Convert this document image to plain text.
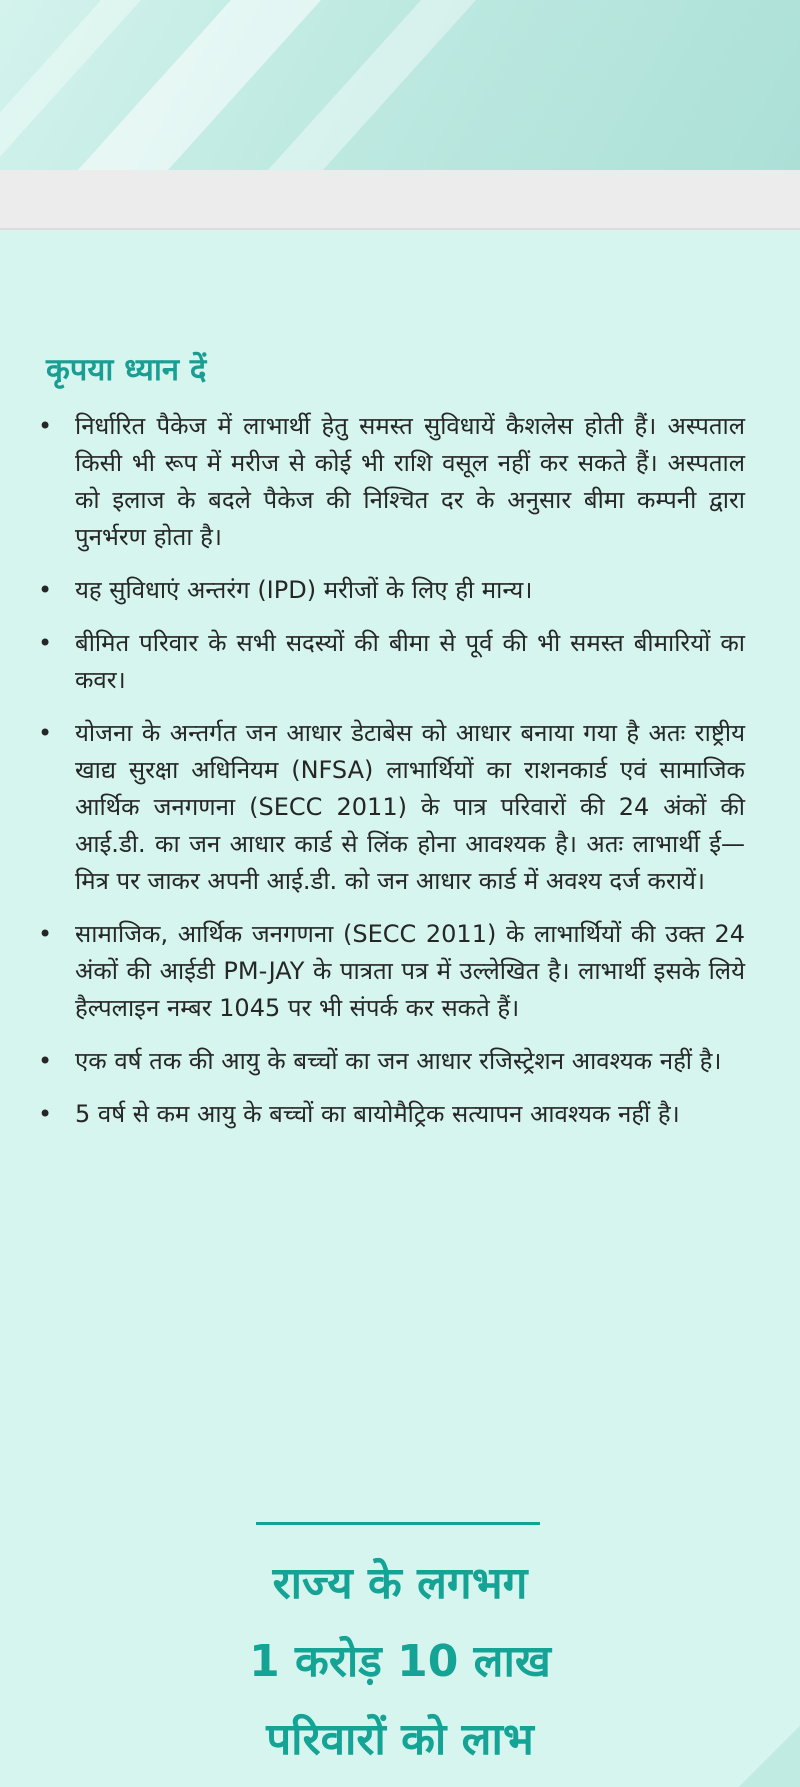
कृपया ध्यान दें
• निर्धारित पैकेज में लाभार्थी हेतु समस्त सुविधायें कैशलेस होती हैं। अस्पताल किसी भी रूप में मरीज से कोई भी राशि वसूल नहीं कर सकते हैं। अस्पताल को इलाज के बदले पैकेज की निश्चित दर के अनुसार बीमा कम्पनी द्वारा पुनर्भरण होता है।
• यह सुविधाएं अन्तरंग (IPD) मरीजों के लिए ही मान्य।
• बीमित परिवार के सभी सदस्यों की बीमा से पूर्व की भी समस्त बीमारियों का कवर।
• योजना के अन्तर्गत जन आधार डेटाबेस को आधार बनाया गया है अतः राष्ट्रीय खाद्य सुरक्षा अधिनियम (NFSA) लाभार्थियों का राशनकार्ड एवं सामाजिक आर्थिक जनगणना (SECC 2011) के पात्र परिवारों की 24 अंकों की आई.डी. का जन आधार कार्ड से लिंक होना आवश्यक है। अतः लाभार्थी ई—मित्र पर जाकर अपनी आई.डी. को जन आधार कार्ड में अवश्य दर्ज करायें।
• सामाजिक, आर्थिक जनगणना (SECC 2011) के लाभार्थियों की उक्त 24 अंकों की आईडी PM-JAY के पात्रता पत्र में उल्लेखित है। लाभार्थी इसके लिये हैल्पलाइन नम्बर 1045 पर भी संपर्क कर सकते हैं।
• एक वर्ष तक की आयु के बच्चों का जन आधार रजिस्ट्रेशन आवश्यक नहीं है।
• 5 वर्ष से कम आयु के बच्चों का बायोमैट्रिक सत्यापन आवश्यक नहीं है।
राज्य के लगभग
1 करोड़ 10 लाख
परिवारों को लाभ
